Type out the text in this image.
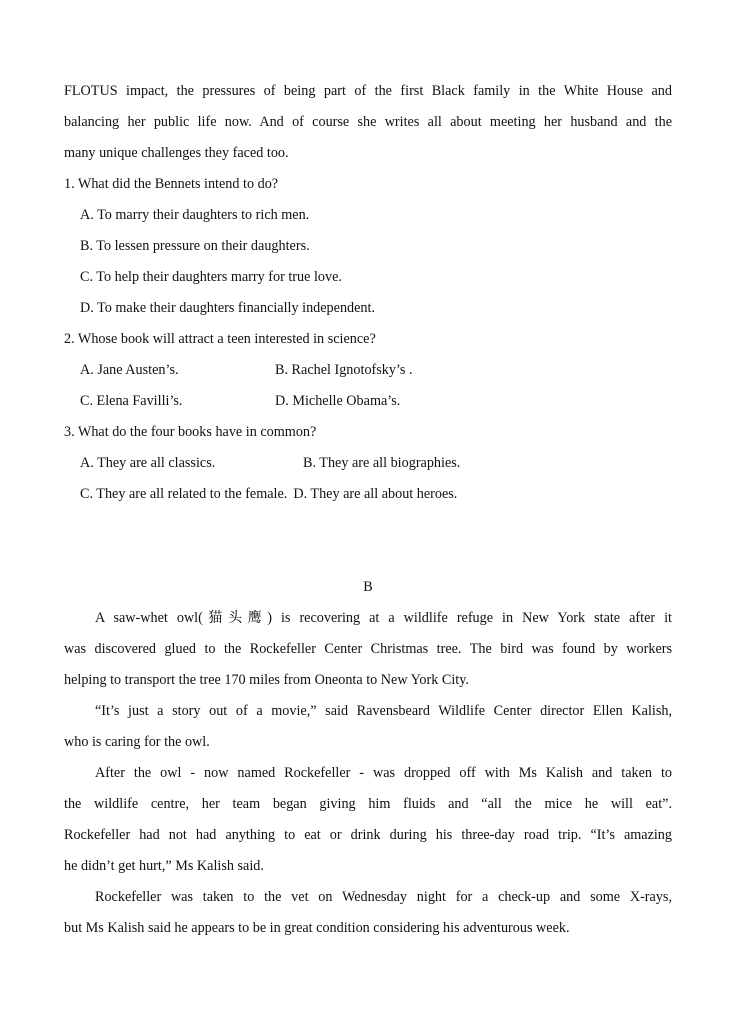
FLOTUS impact, the pressures of being part of the first Black family in the White House and

balancing her public life now. And of course she writes all about meeting her husband and the

many unique challenges they faced too.

1. What did the Bennets intend to do?

A. To marry their daughters to rich men.

B. To lessen pressure on their daughters.

C. To help their daughters marry for true love.

D. To make their daughters financially independent.

2. Whose book will attract a teen interested in science?

A. Jane Austen’s.	B. Rachel Ignotofsky’s .
C. Elena Favilli’s.	D. Michelle Obama’s.

3. What do the four books have in common?

A. They are all classics.	B. They are all biographies.
C. They are all related to the female. D. They are all about heroes.

B

A saw-whet owl(猫头鹰) is recovering at a wildlife refuge in New York state after it

was discovered glued to the Rockefeller Center Christmas tree. The bird was found by workers

helping to transport the tree 170 miles from Oneonta to New York City.

“It’s just a story out of a movie,” said Ravensbeard Wildlife Center director Ellen Kalish,

who is caring for the owl.

After the owl - now named Rockefeller - was dropped off with Ms Kalish and taken to

the wildlife centre, her team began giving him fluids and “all the mice he will eat”.

Rockefeller had not had anything to eat or drink during his three-day road trip. “It’s amazing

he didn’t get hurt,” Ms Kalish said.

Rockefeller was taken to the vet on Wednesday night for a check-up and some X-rays,

but Ms Kalish said he appears to be in great condition considering his adventurous week.
